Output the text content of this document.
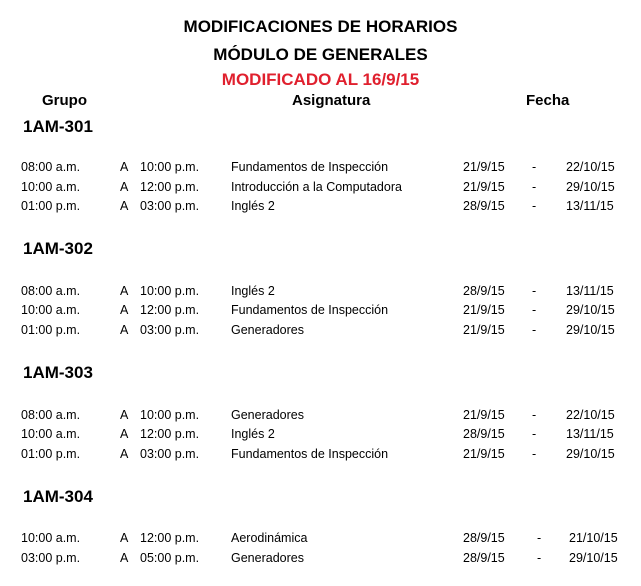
MODIFICACIONES DE HORARIOS
MÓDULO DE GENERALES
MODIFICADO AL 16/9/15
Grupo	Asignatura	Fecha
1AM-301
08:00 a.m.	A 10:00 p.m.	Fundamentos de Inspección	21/9/15 - 22/10/15
10:00 a.m.	A 12:00 p.m.	Introducción a la Computadora	21/9/15 - 29/10/15
01:00 p.m.	A 03:00 p.m.	Inglés 2	28/9/15 - 13/11/15
1AM-302
08:00 a.m.	A 10:00 p.m.	Inglés 2	28/9/15 - 13/11/15
10:00 a.m.	A 12:00 p.m.	Fundamentos de Inspección	21/9/15 - 29/10/15
01:00 p.m.	A 03:00 p.m.	Generadores	21/9/15 - 29/10/15
1AM-303
08:00 a.m.	A 10:00 p.m.	Generadores	21/9/15 - 22/10/15
10:00 a.m.	A 12:00 p.m.	Inglés 2	28/9/15 - 13/11/15
01:00 p.m.	A 03:00 p.m.	Fundamentos de Inspección	21/9/15 - 29/10/15
1AM-304
10:00 a.m.	A 12:00 p.m.	Aerodinámica	28/9/15	- 21/10/15
03:00 p.m.	A 05:00 p.m.	Generadores	28/9/15	- 29/10/15
